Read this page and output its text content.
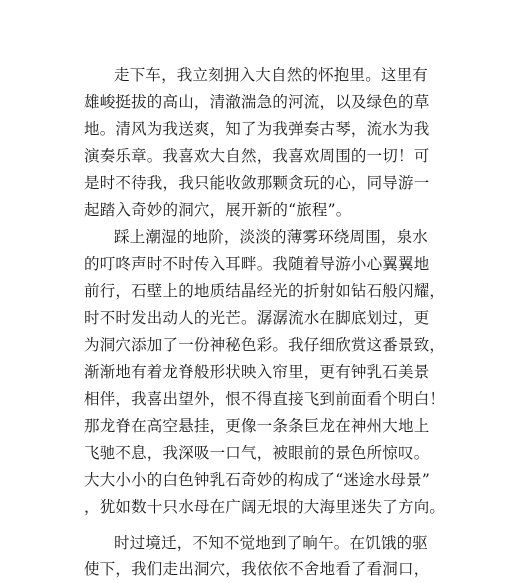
走下车，我立刻拥入大自然的怀抱里。这里有
雄峻挺拔的高山，清澈湍急的河流，以及绿色的草
地。清风为我送爽，知了为我弹奏古琴，流水为我
演奏乐章。我喜欢大自然，我喜欢周围的一切！可
是时不待我，我只能收敛那颗贪玩的心，同导游一
起踏入奇妙的洞穴，展开新的“旅程”。
踩上潮湿的地阶，淡淡的薄雾环绕周围，泉水
的叮咚声时不时传入耳畔。我随着导游小心翼翼地
前行，石壁上的地质结晶经光的折射如钻石般闪耀，
时不时发出动人的光芒。潺潺流水在脚底划过，更
为洞穴添加了一份神秘色彩。我仔细欣赏这番景致，
渐渐地有着龙脊般形状映入帘里，更有钟乳石美景
相伴，我喜出望外，恨不得直接飞到前面看个明白！
那龙脊在高空悬挂，更像一条条巨龙在神州大地上
飞驰不息，我深吸一口气，被眼前的景色所惊叹。
大大小小的白色钟乳石奇妙的构成了“迷途水母景”
，犹如数十只水母在广阔无垠的大海里迷失了方向。
时过境迁，不知不觉地到了晌午。在饥饿的驱
使下，我们走出洞穴，我依依不舍地看了看洞口，
